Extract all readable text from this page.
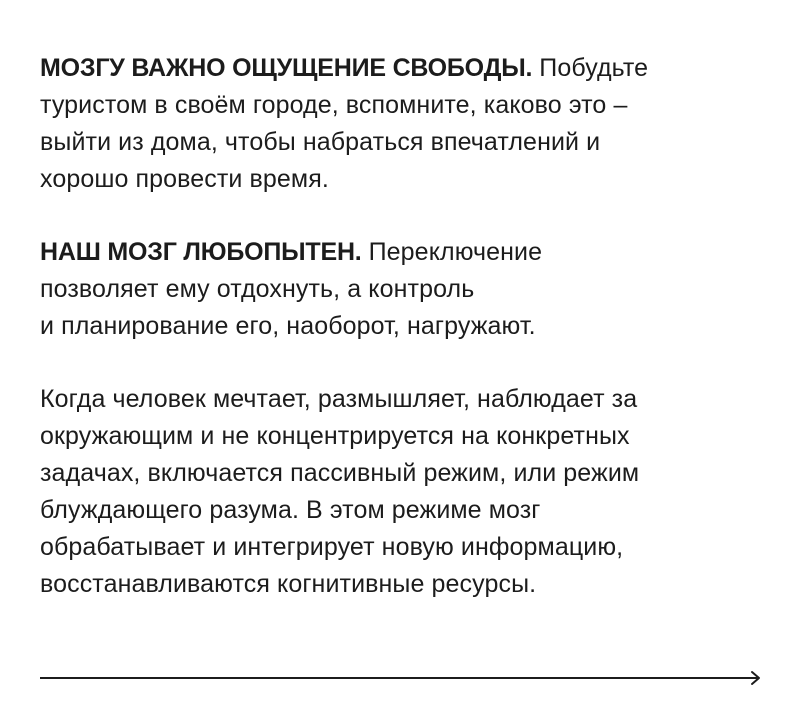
МОЗГУ ВАЖНО ОЩУЩЕНИЕ СВОБОДЫ. Побудьте
туристом в своём городе, вспомните, каково это –
выйти из дома, чтобы набраться впечатлений и
хорошо провести время.

НАШ МОЗГ ЛЮБОПЫТЕН. Переключение
позволяет ему отдохнуть, а контроль
и планирование его, наоборот, нагружают.

Когда человек мечтает, размышляет, наблюдает за
окружающим и не концентрируется на конкретных
задачах, включается пассивный режим, или режим
блуждающего разума. В этом режиме мозг
обрабатывает и интегрирует новую информацию,
восстанавливаются когнитивные ресурсы.
